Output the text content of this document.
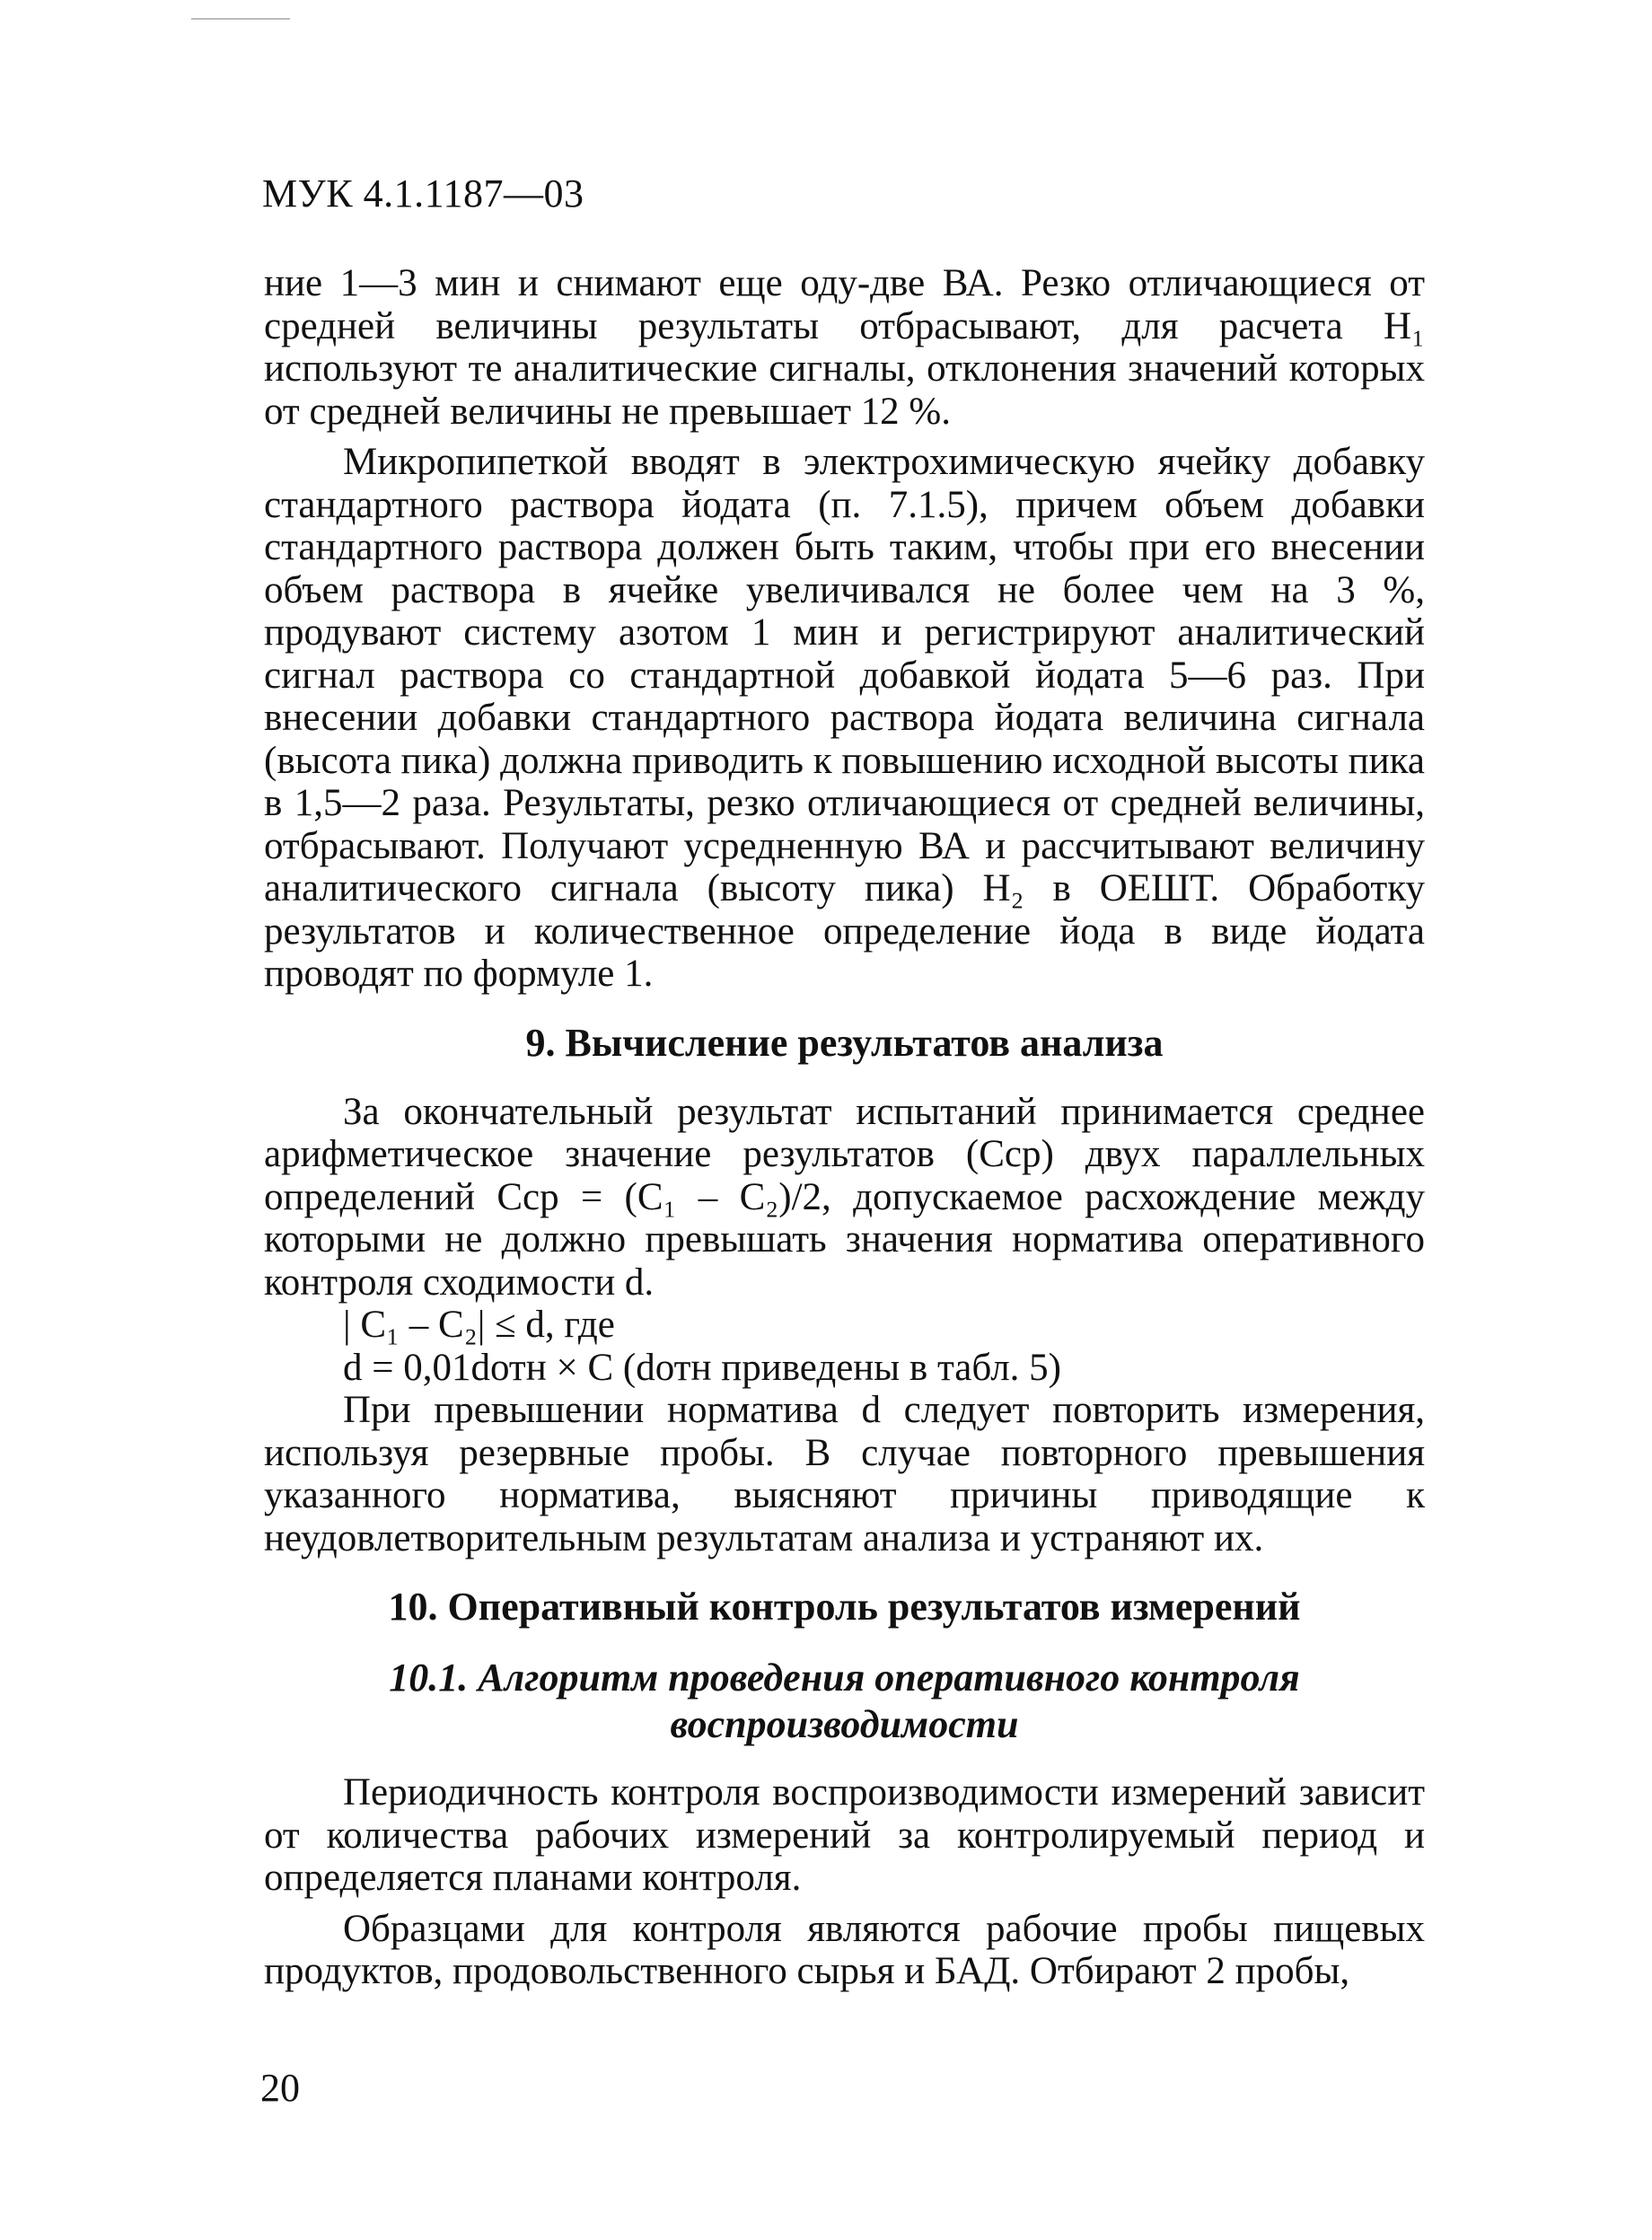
МУК 4.1.1187—03

ние 1—3 мин и снимают еще оду-две ВА. Резко отличающиеся от средней величины результаты отбрасывают, для расчета H₁ используют те аналитические сигналы, отклонения значений которых от средней величины не превышает 12 %.

Микропипеткой вводят в электрохимическую ячейку добавку стандартного раствора йодата (п. 7.1.5), причем объем добавки стандартного раствора должен быть таким, чтобы при его внесении объем раствора в ячейке увеличивался не более чем на 3 %, продувают систему азотом 1 мин и регистрируют аналитический сигнал раствора со стандартной добавкой йодата 5—6 раз. При внесении добавки стандартного раствора йодата величина сигнала (высота пика) должна приводить к повышению исходной высоты пика в 1,5—2 раза. Результаты, резко отличающиеся от средней величины, отбрасывают. Получают усредненную ВА и рассчитывают величину аналитического сигнала (высоту пика) H₂ в ОЕШТ. Обработку результатов и количественное определение йода в виде йодата проводят по формуле 1.

9. Вычисление результатов анализа

За окончательный результат испытаний принимается среднее арифметическое значение результатов (Cср) двух параллельных определений Cср = (C₁ – C₂)/2, допускаемое расхождение между которыми не должно превышать значения норматива оперативного контроля сходимости d.

| C₁ – C₂| ≤ d, где

d = 0,01dотн × C (dотн приведены в табл. 5)

При превышении норматива d следует повторить измерения, используя резервные пробы. В случае повторного превышения указанного норматива, выясняют причины приводящие к неудовлетворительным результатам анализа и устраняют их.

10. Оперативный контроль результатов измерений
10.1. Алгоритм проведения оперативного контроля воспроизводимости

Периодичность контроля воспроизводимости измерений зависит от количества рабочих измерений за контролируемый период и определяется планами контроля.

Образцами для контроля являются рабочие пробы пищевых продуктов, продовольственного сырья и БАД. Отбирают 2 пробы,

20
